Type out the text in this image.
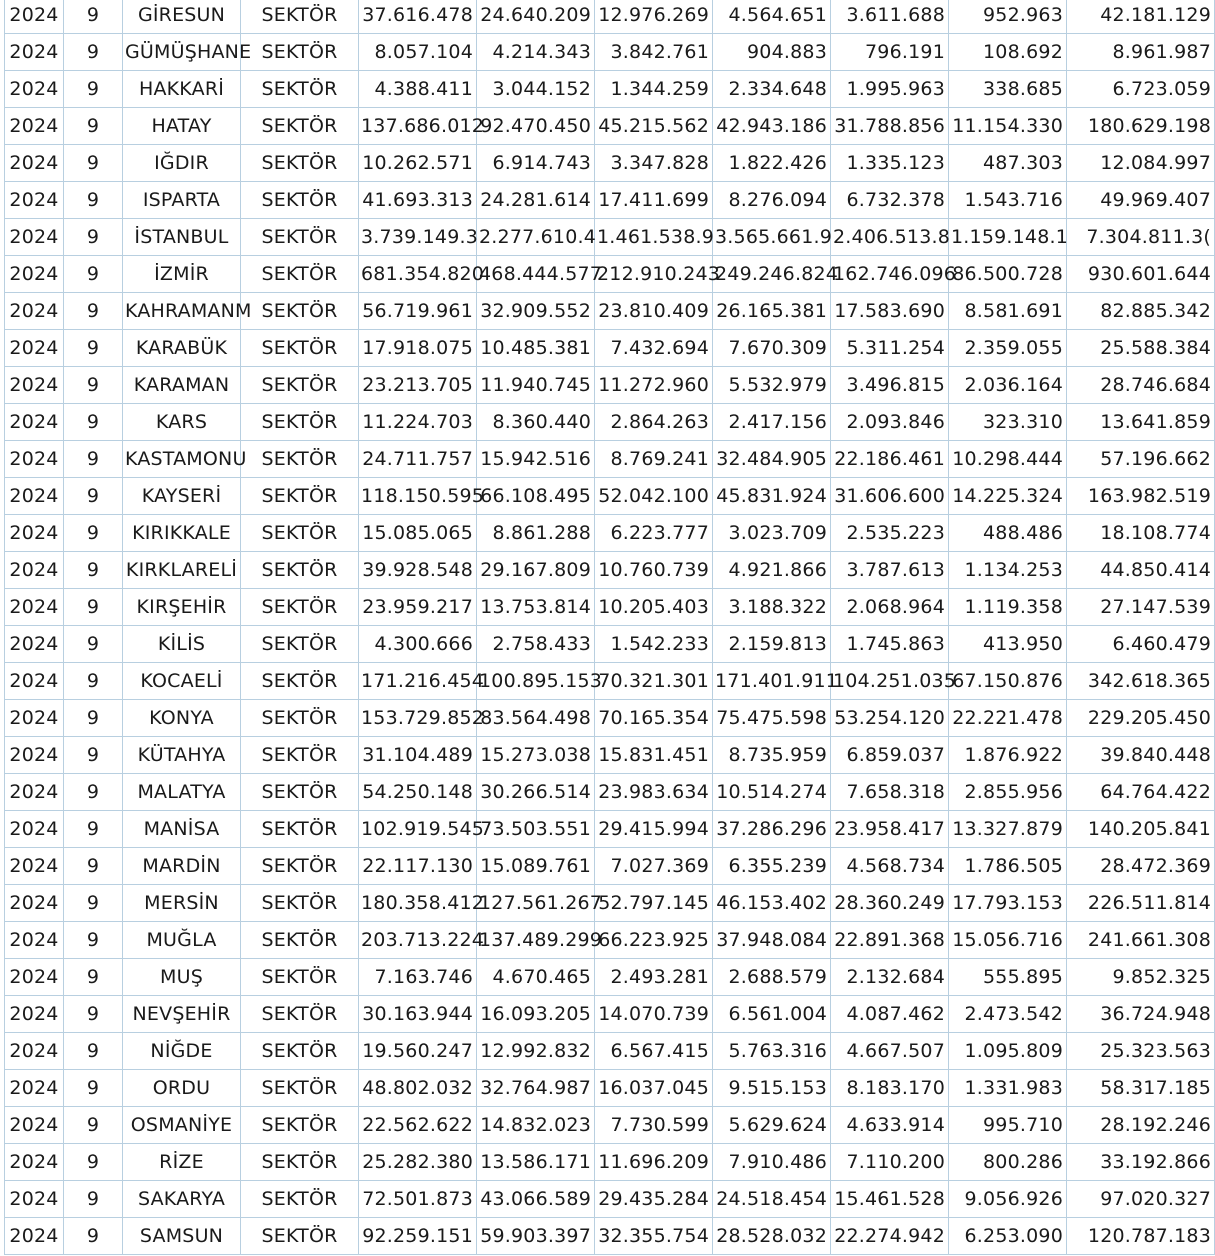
2024	9	GİRESUN	SEKTÖR	37.616.478	24.640.209	12.976.269	4.564.651	3.611.688	952.963	42.181.129
2024	9	GÜMÜŞHANE	SEKTÖR	8.057.104	4.214.343	3.842.761	904.883	796.191	108.692	8.961.987
2024	9	HAKKARİ	SEKTÖR	4.388.411	3.044.152	1.344.259	2.334.648	1.995.963	338.685	6.723.059
2024	9	HATAY	SEKTÖR	137.686.012	92.470.450	45.215.562	42.943.186	31.788.856	11.154.330	180.629.198
2024	9	IĞDIR	SEKTÖR	10.262.571	6.914.743	3.347.828	1.822.426	1.335.123	487.303	12.084.997
2024	9	ISPARTA	SEKTÖR	41.693.313	24.281.614	17.411.699	8.276.094	6.732.378	1.543.716	49.969.407
2024	9	İSTANBUL	SEKTÖR	3.739.149.3	2.277.610.4	1.461.538.9	3.565.661.9	2.406.513.8	1.159.148.1	7.304.811.3(
2024	9	İZMİR	SEKTÖR	681.354.820	468.444.577	212.910.243	249.246.824	162.746.096	86.500.728	930.601.644
2024	9	KAHRAMANM	SEKTÖR	56.719.961	32.909.552	23.810.409	26.165.381	17.583.690	8.581.691	82.885.342
2024	9	KARABÜK	SEKTÖR	17.918.075	10.485.381	7.432.694	7.670.309	5.311.254	2.359.055	25.588.384
2024	9	KARAMAN	SEKTÖR	23.213.705	11.940.745	11.272.960	5.532.979	3.496.815	2.036.164	28.746.684
2024	9	KARS	SEKTÖR	11.224.703	8.360.440	2.864.263	2.417.156	2.093.846	323.310	13.641.859
2024	9	KASTAMONU	SEKTÖR	24.711.757	15.942.516	8.769.241	32.484.905	22.186.461	10.298.444	57.196.662
2024	9	KAYSERİ	SEKTÖR	118.150.595	66.108.495	52.042.100	45.831.924	31.606.600	14.225.324	163.982.519
2024	9	KIRIKKALE	SEKTÖR	15.085.065	8.861.288	6.223.777	3.023.709	2.535.223	488.486	18.108.774
2024	9	KIRKLARELİ	SEKTÖR	39.928.548	29.167.809	10.760.739	4.921.866	3.787.613	1.134.253	44.850.414
2024	9	KIRŞEHİR	SEKTÖR	23.959.217	13.753.814	10.205.403	3.188.322	2.068.964	1.119.358	27.147.539
2024	9	KİLİS	SEKTÖR	4.300.666	2.758.433	1.542.233	2.159.813	1.745.863	413.950	6.460.479
2024	9	KOCAELİ	SEKTÖR	171.216.454	100.895.153	70.321.301	171.401.911	104.251.035	67.150.876	342.618.365
2024	9	KONYA	SEKTÖR	153.729.852	83.564.498	70.165.354	75.475.598	53.254.120	22.221.478	229.205.450
2024	9	KÜTAHYA	SEKTÖR	31.104.489	15.273.038	15.831.451	8.735.959	6.859.037	1.876.922	39.840.448
2024	9	MALATYA	SEKTÖR	54.250.148	30.266.514	23.983.634	10.514.274	7.658.318	2.855.956	64.764.422
2024	9	MANİSA	SEKTÖR	102.919.545	73.503.551	29.415.994	37.286.296	23.958.417	13.327.879	140.205.841
2024	9	MARDİN	SEKTÖR	22.117.130	15.089.761	7.027.369	6.355.239	4.568.734	1.786.505	28.472.369
2024	9	MERSİN	SEKTÖR	180.358.412	127.561.267	52.797.145	46.153.402	28.360.249	17.793.153	226.511.814
2024	9	MUĞLA	SEKTÖR	203.713.224	137.489.299	66.223.925	37.948.084	22.891.368	15.056.716	241.661.308
2024	9	MUŞ	SEKTÖR	7.163.746	4.670.465	2.493.281	2.688.579	2.132.684	555.895	9.852.325
2024	9	NEVŞEHİR	SEKTÖR	30.163.944	16.093.205	14.070.739	6.561.004	4.087.462	2.473.542	36.724.948
2024	9	NİĞDE	SEKTÖR	19.560.247	12.992.832	6.567.415	5.763.316	4.667.507	1.095.809	25.323.563
2024	9	ORDU	SEKTÖR	48.802.032	32.764.987	16.037.045	9.515.153	8.183.170	1.331.983	58.317.185
2024	9	OSMANİYE	SEKTÖR	22.562.622	14.832.023	7.730.599	5.629.624	4.633.914	995.710	28.192.246
2024	9	RİZE	SEKTÖR	25.282.380	13.586.171	11.696.209	7.910.486	7.110.200	800.286	33.192.866
2024	9	SAKARYA	SEKTÖR	72.501.873	43.066.589	29.435.284	24.518.454	15.461.528	9.056.926	97.020.327
2024	9	SAMSUN	SEKTÖR	92.259.151	59.903.397	32.355.754	28.528.032	22.274.942	6.253.090	120.787.183
